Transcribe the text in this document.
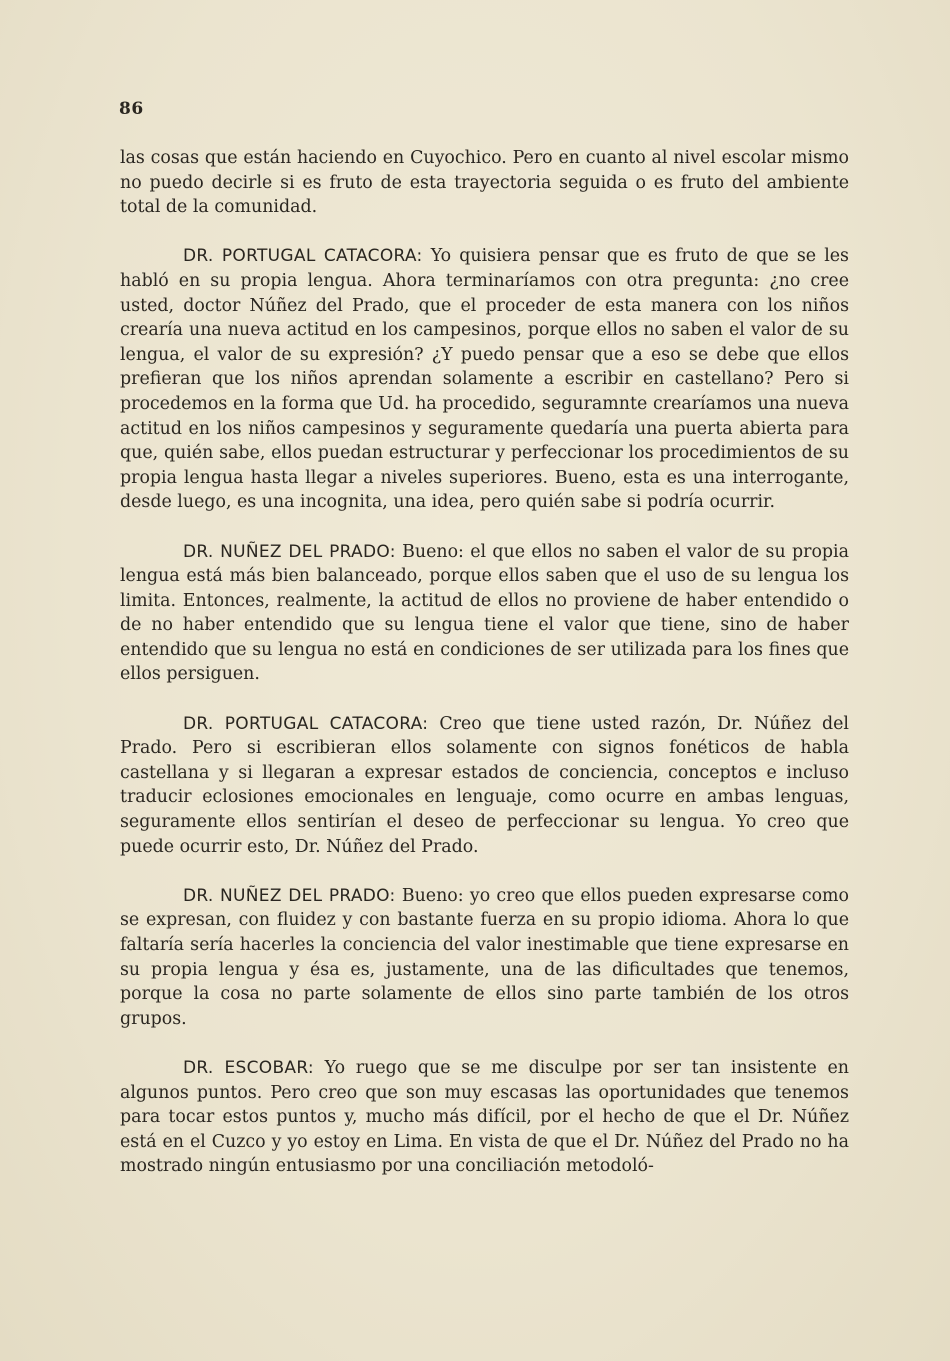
86

las cosas que están haciendo en Cuyochico. Pero en cuanto al nivel escolar mismo no puedo decirle si es fruto de esta trayectoria seguida o es fruto del ambiente total de la comunidad.

DR. PORTUGAL CATACORA: Yo quisiera pensar que es fruto de que se les habló en su propia lengua. Ahora terminaríamos con otra pregunta: ¿no cree usted, doctor Núñez del Prado, que el proceder de esta manera con los niños crearía una nueva actitud en los campesinos, porque ellos no saben el valor de su lengua, el valor de su expresión? ¿Y puedo pensar que a eso se debe que ellos prefieran que los niños aprendan solamente a escribir en castellano? Pero si procedemos en la forma que Ud. ha procedido, seguramnte crearíamos una nueva actitud en los niños campesinos y seguramente quedaría una puerta abierta para que, quién sabe, ellos puedan estructurar y perfeccionar los procedimientos de su propia lengua hasta llegar a niveles superiores. Bueno, esta es una interrogante, desde luego, es una incognita, una idea, pero quién sabe si podría ocurrir.

DR. NUÑEZ DEL PRADO: Bueno: el que ellos no saben el valor de su propia lengua está más bien balanceado, porque ellos saben que el uso de su lengua los limita. Entonces, realmente, la actitud de ellos no proviene de haber entendido o de no haber entendido que su lengua tiene el valor que tiene, sino de haber entendido que su lengua no está en condiciones de ser utilizada para los fines que ellos persiguen.

DR. PORTUGAL CATACORA: Creo que tiene usted razón, Dr. Núñez del Prado. Pero si escribieran ellos solamente con signos fonéticos de habla castellana y si llegaran a expresar estados de conciencia, conceptos e incluso traducir eclosiones emocionales en lenguaje, como ocurre en ambas lenguas, seguramente ellos sentirían el deseo de perfeccionar su lengua. Yo creo que puede ocurrir esto, Dr. Núñez del Prado.

DR. NUÑEZ DEL PRADO: Bueno: yo creo que ellos pueden expresarse como se expresan, con fluidez y con bastante fuerza en su propio idioma. Ahora lo que faltaría sería hacerles la conciencia del valor inestimable que tiene expresarse en su propia lengua y ésa es, justamente, una de las dificultades que tenemos, porque la cosa no parte solamente de ellos sino parte también de los otros grupos.

DR. ESCOBAR: Yo ruego que se me disculpe por ser tan insistente en algunos puntos. Pero creo que son muy escasas las oportunidades que tenemos para tocar estos puntos y, mucho más difícil, por el hecho de que el Dr. Núñez está en el Cuzco y yo estoy en Lima. En vista de que el Dr. Núñez del Prado no ha mostrado ningún entusiasmo por una conciliación metodoló-
